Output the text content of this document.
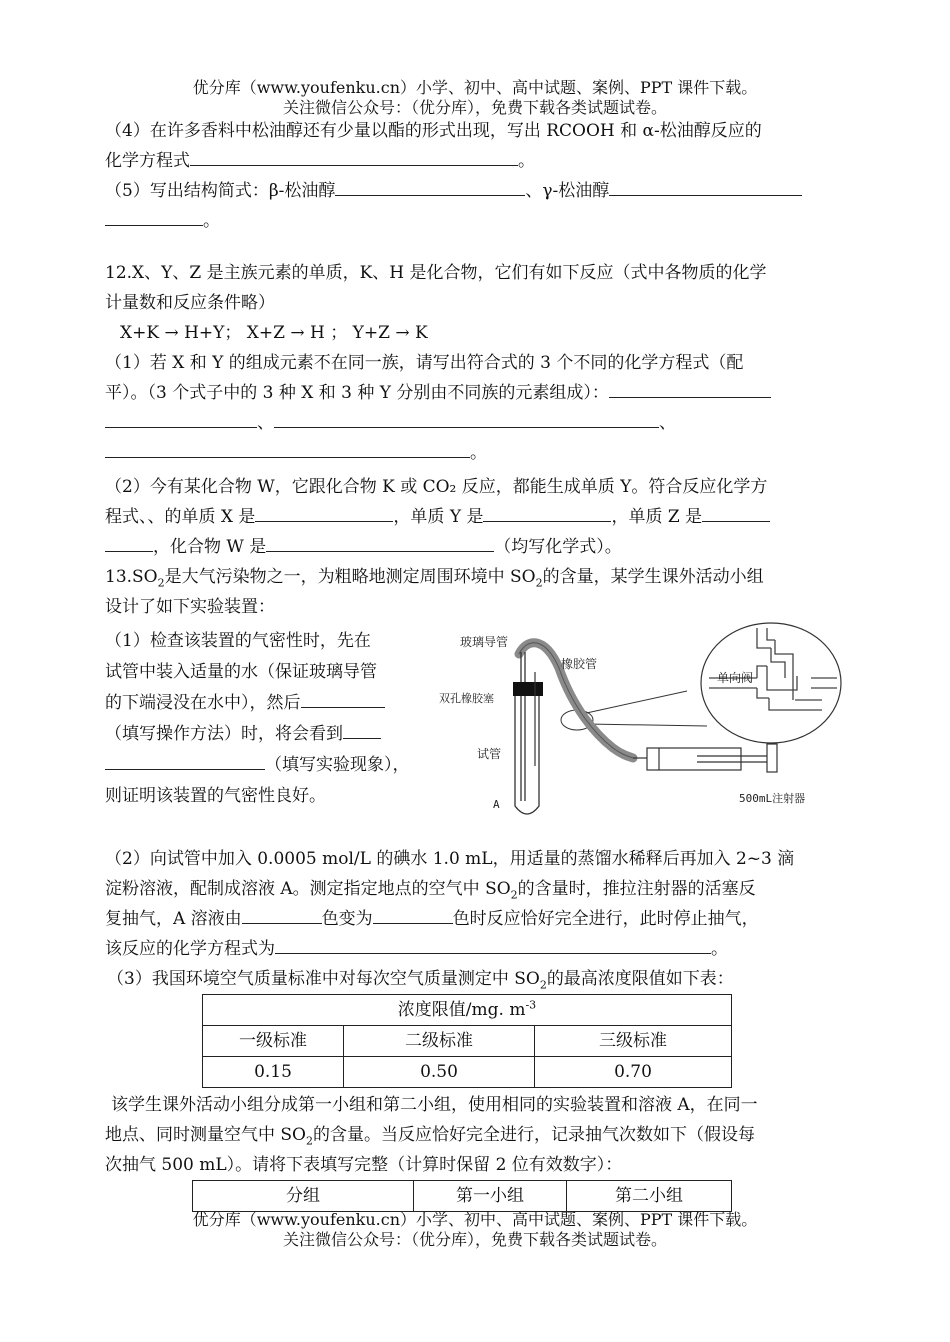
优分库（www.youfenku.cn）小学、初中、高中试题、案例、PPT 课件下载。
关注微信公众号：（优分库），免费下载各类试题试卷。

（4）在许多香料中松油醇还有少量以酯的形式出现，写出 RCOOH 和 α-松油醇反应的

化学方程式	。

（5）写出结构简式：β-松油醇	、γ-松油醇

。

12.X、Y、Z 是主族元素的单质，K、H 是化合物，它们有如下反应（式中各物质的化学

计量数和反应条件略）

X+K → H+Y； X+Z → H ； Y+Z → K

（1）若 X 和 Y 的组成元素不在同一族，请写出符合式的 3 个不同的化学方程式（配

平）。（3 个式子中的 3 种 X 和 3 种 Y 分别由不同族的元素组成）：

、	、

。

（2）今有某化合物 W，它跟化合物 K 或 CO₂ 反应，都能生成单质 Y。符合反应化学方

程式、、的单质 X 是	，单质 Y 是	，单质 Z 是

，化合物 W 是	（均写化学式）。

$13.SO_2$是大气污染物之一，为粗略地测定周围环境中 $SO_2$的含量，某学生课外活动小组

设计了如下实验装置：

（1）检查该装置的气密性时，先在

试管中装入适量的水（保证玻璃导管

的下端浸没在水中），然后

（填写操作方法）时，将会看到

（填写实验现象），

则证明该装置的气密性良好。

玻璃导管
橡胶管
双孔橡胶塞
单向阀
试管
A	500mL注射器

（2）向试管中加入 0.0005 mol/L 的碘水 1.0 mL，用适量的蒸馏水稀释后再加入 2~3 滴

淀粉溶液，配制成溶液 A。测定指定地点的空气中 $SO_2$的含量时，推拉注射器的活塞反

复抽气，A 溶液由	色变为	色时反应恰好完全进行，此时停止抽气，

该反应的化学方程式为	。

（3）我国环境空气质量标准中对每次空气质量测定中 $SO_2$的最高浓度限值如下表：

浓度限值/mg. $m^{-3}$
一级标准	二级标准	三级标准
0.15	0.50	0.70

该学生课外活动小组分成第一小组和第二小组，使用相同的实验装置和溶液 A，在同一

地点、同时测量空气中 $SO_2$的含量。当反应恰好完全进行，记录抽气次数如下（假设每

次抽气 500 mL）。请将下表填写完整（计算时保留 2 位有效数字）：

分组	第一小组	第二小组
优分库（www.youfenku.cn）小学、初中、高中试题、案例、PPT 课件下载。
关注微信公众号：（优分库），免费下载各类试题试卷。
